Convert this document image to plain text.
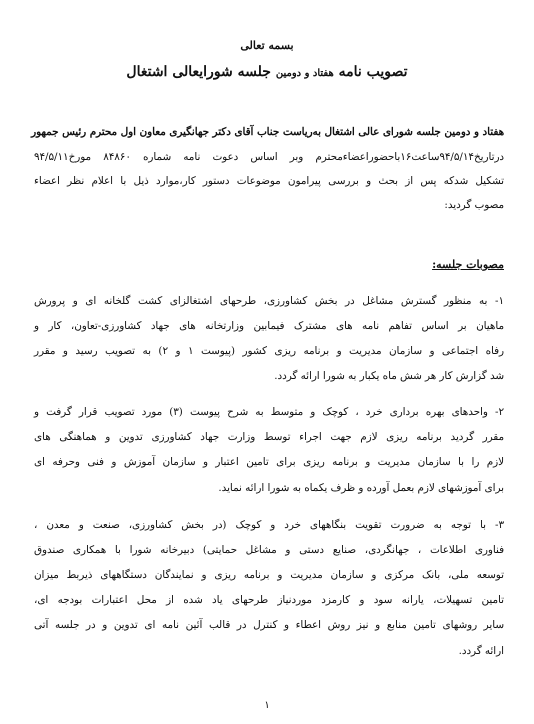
بسمه تعالی
تصویب نامه هفتاد و دومین جلسه شورایعالی اشتغال
هفتاد و دومین جلسه شورای عالی اشتغال به‌ریاست جناب آقای دکتر جهانگیری معاون اول محترم رئیس جمهور
درتاریخ۹۴/۵/۱۴ساعت۱۶باحضوراعضاءمحترم وبر اساس دعوت نامه شماره ۸۴۸۶۰ مورخ۹۴/۵/۱۱
تشکیل شدکه پس از بحث و بررسی پیرامون موضوعات دستور کار،موارد ذیل با اعلام نظر اعضاء
مصوب گردید:
مصوبات جلسه:
۱- به منظور گسترش مشاغل در بخش کشاورزی، طرحهای اشتغالزای کشت گلخانه ای و پرورش
ماهیان بر اساس تفاهم نامه های مشترک فیمابین وزارتخانه های جهاد کشاورزی-تعاون، کار و
رفاه اجتماعی و سازمان مدیریت و برنامه ریزی کشور (پیوست ۱ و ۲) به تصویب رسید و مقرر
شد گزارش کار هر شش ماه یکبار به شورا ارائه گردد.
۲- واحدهای بهره برداری خرد ، کوچک و متوسط به شرح پیوست (۳) مورد تصویب قرار گرفت و
مقرر گردید برنامه ریزی لازم جهت اجراء توسط وزارت جهاد کشاورزی تدوین و هماهنگی های
لازم را با سازمان مدیریت و برنامه ریزی برای تامین اعتبار و سازمان آموزش و فنی وحرفه ای
برای آموزشهای لازم بعمل آورده و ظرف یکماه به شورا ارائه نماید.
۳- با توجه به ضرورت تقویت بنگاههای خرد و کوچک (در بخش کشاورزی، صنعت و معدن ،
فناوری اطلاعات ، جهانگردی، صنایع دستی و مشاغل حمایتی) دبیرخانه شورا با همکاری صندوق
توسعه ملی، بانک مرکزی و سازمان مدیریت و برنامه ریزی و نمایندگان دستگاههای ذیربط میزان
تامین تسهیلات، یارانه سود و کارمزد موردنیاز طرحهای یاد شده از محل اعتبارات بودجه ای،
سایر روشهای تامین منابع و نیز روش اعطاء و کنترل در قالب آئین نامه ای تدوین و در جلسه آتی
ارائه گردد.
۱
